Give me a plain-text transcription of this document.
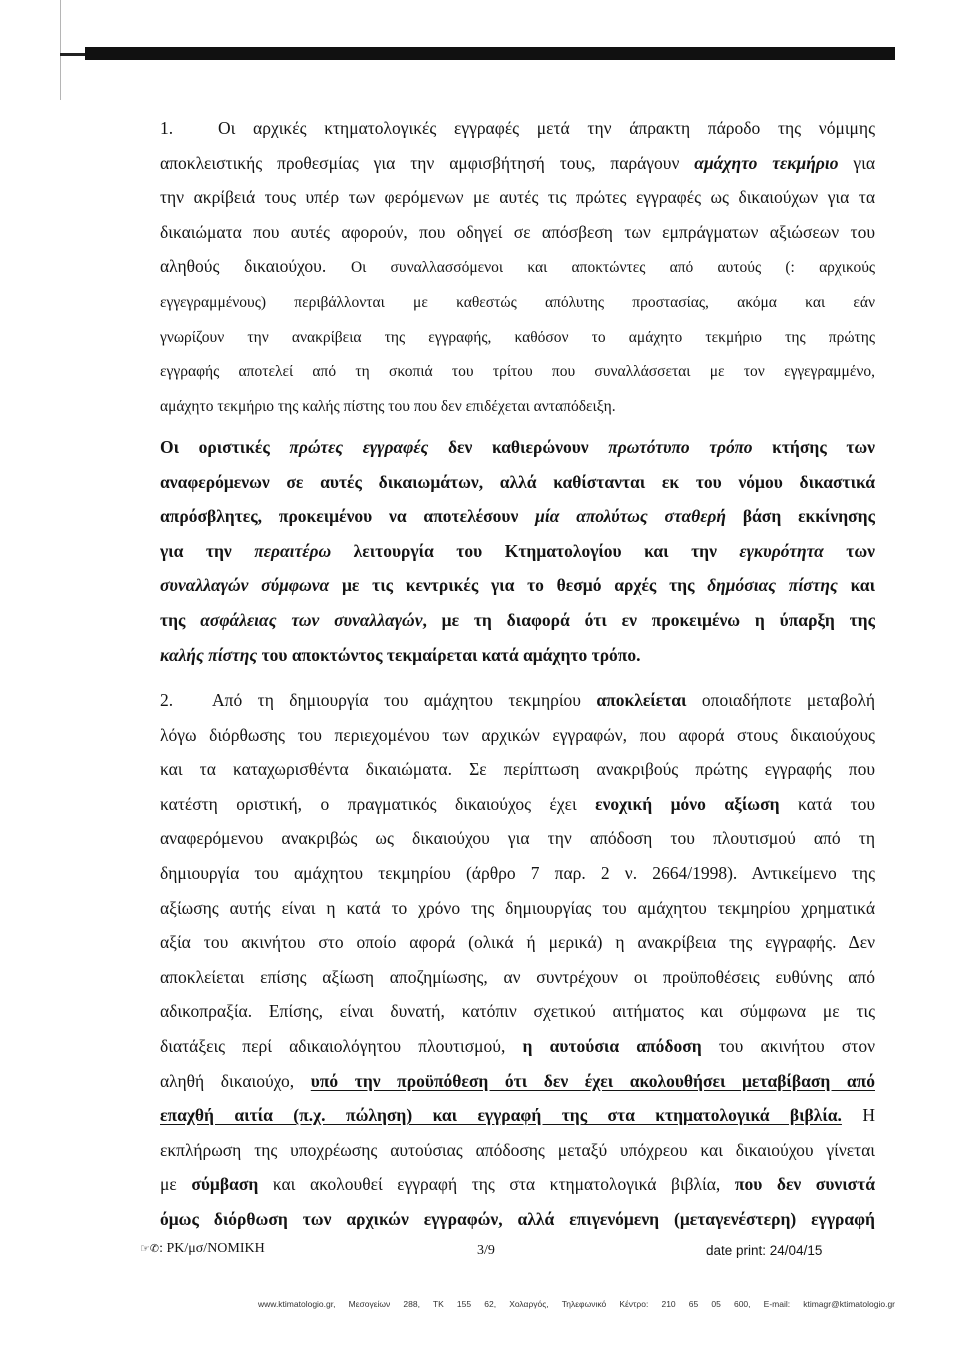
1.	Οι αρχικές κτηματολογικές εγγραφές μετά την άπρακτη πάροδο της νόμιμης
αποκλειστικής προθεσμίας για την αμφισβήτησή τους, παράγουν αμάχητο τεκμήριο για
την ακρίβειά τους υπέρ των φερόμενων με αυτές τις πρώτες εγγραφές ως δικαιούχων για τα
δικαιώματα που αυτές αφορούν, που οδηγεί σε απόσβεση των εμπράγματων αξιώσεων του
αληθούς δικαιούχου. Οι συναλλασσόμενοι και αποκτώντες από αυτούς (: αρχικούς
εγγεγραμμένους) περιβάλλονται με καθεστώς απόλυτης προστασίας, ακόμα και εάν
γνωρίζουν την ανακρίβεια της εγγραφής, καθόσον το αμάχητο τεκμήριο της πρώτης
εγγραφής αποτελεί από τη σκοπιά του τρίτου που συναλλάσσεται με τον εγγεγραμμένο,
αμάχητο τεκμήριο της καλής πίστης του που δεν επιδέχεται ανταπόδειξη.
Οι οριστικές πρώτες εγγραφές δεν καθιερώνουν πρωτότυπο τρόπο κτήσης των
αναφερόμενων σε αυτές δικαιωμάτων, αλλά καθίστανται εκ του νόμου δικαστικά
απρόσβλητες, προκειμένου να αποτελέσουν μία απολύτως σταθερή βάση εκκίνησης
για την περαιτέρω λειτουργία του Κτηματολογίου και την εγκυρότητα των
συναλλαγών σύμφωνα με τις κεντρικές για το θεσμό αρχές της δημόσιας πίστης και
της ασφάλειας των συναλλαγών, με τη διαφορά ότι εν προκειμένω η ύπαρξη της
καλής πίστης του αποκτώντος τεκμαίρεται κατά αμάχητο τρόπο.
2. Από τη δημιουργία του αμάχητου τεκμηρίου αποκλείεται οποιαδήποτε μεταβολή
λόγω διόρθωσης του περιεχομένου των αρχικών εγγραφών, που αφορά στους δικαιούχους
και τα καταχωρισθέντα δικαιώματα. Σε περίπτωση ανακριβούς πρώτης εγγραφής που
κατέστη οριστική, ο πραγματικός δικαιούχος έχει ενοχική μόνο αξίωση κατά του
αναφερόμενου ανακριβώς ως δικαιούχου για την απόδοση του πλουτισμού από τη
δημιουργία του αμάχητου τεκμηρίου (άρθρο 7 παρ. 2 ν. 2664/1998). Αντικείμενο της
αξίωσης αυτής είναι η κατά το χρόνο της δημιουργίας του αμάχητου τεκμηρίου χρηματικά
αξία του ακινήτου στο οποίο αφορά (ολικά ή μερικά) η ανακρίβεια της εγγραφής. Δεν
αποκλείεται επίσης αξίωση αποζημίωσης, αν συντρέχουν οι προϋποθέσεις ευθύνης από
αδικοπραξία. Επίσης, είναι δυνατή, κατόπιν σχετικού αιτήματος και σύμφωνα με τις
διατάξεις περί αδικαιολόγητου πλουτισμού, η αυτούσια απόδοση του ακινήτου στον
αληθή δικαιούχο, υπό την προϋπόθεση ότι δεν έχει ακολουθήσει μεταβίβαση από
επαχθή αιτία (π.χ. πώληση) και εγγραφή της στα κτηματολογικά βιβλία. Η
εκπλήρωση της υποχρέωσης αυτούσιας απόδοσης μεταξύ υπόχρεου και δικαιούχου γίνεται
με σύμβαση και ακολουθεί εγγραφή της στα κτηματολογικά βιβλία, που δεν συνιστά
όμως διόρθωση των αρχικών εγγραφών, αλλά επιγενόμενη (μεταγενέστερη) εγγραφή
☞✆ : ΡΚ/μσ/ΝΟΜΙΚΗ	3/9	date print: 24/04/15
www.ktimatologio.gr, Μεσογείων 288, ΤΚ 155 62, Χολαργός, Τηλεφωνικό Κέντρο: 210 65 05 600, E-mail: ktimagr@ktimatologio.gr
